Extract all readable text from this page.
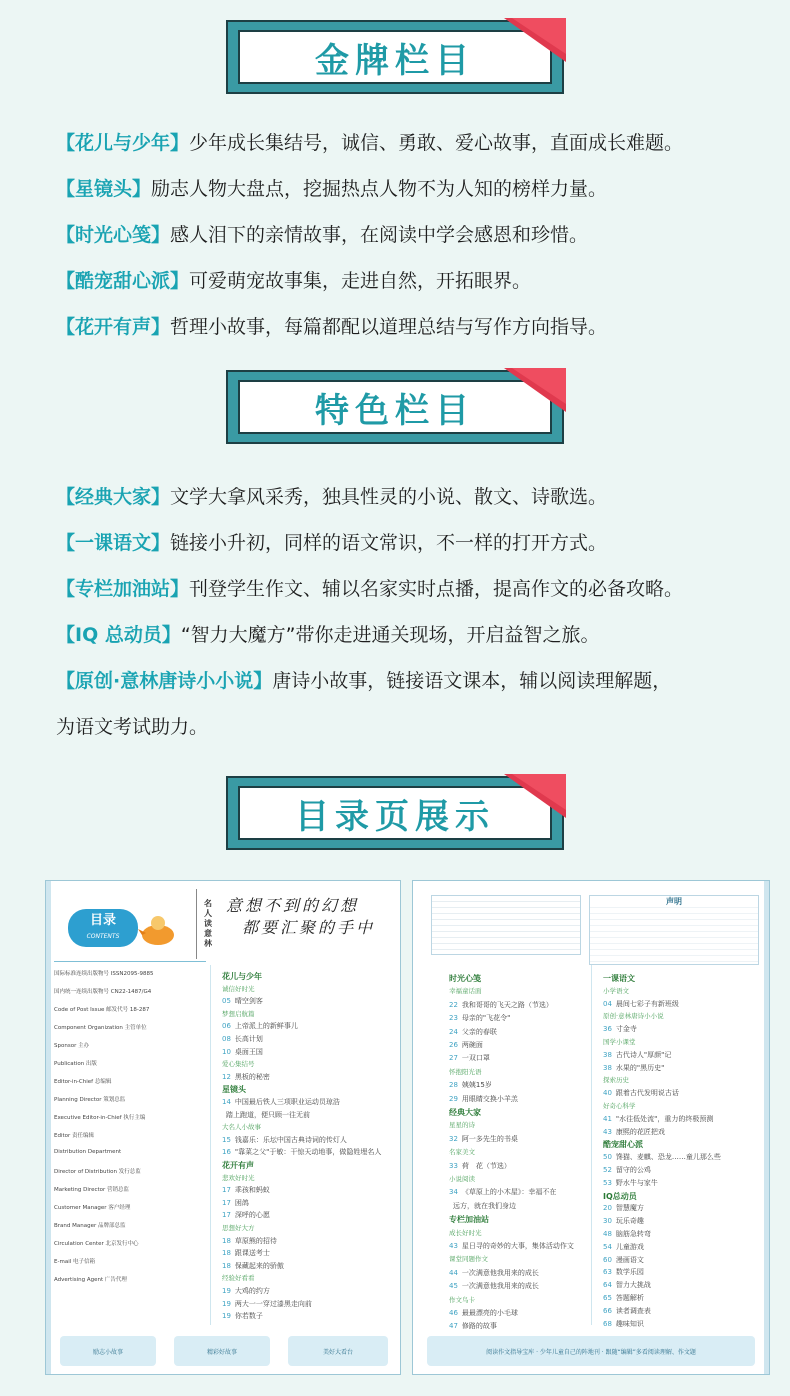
金牌栏目
【花儿与少年】少年成长集结号，诚信、勇敢、爱心故事，直面成长难题。
【星镜头】励志人物大盘点，挖掘热点人物不为人知的榜样力量。
【时光心笺】感人泪下的亲情故事，在阅读中学会感恩和珍惜。
【酷宠甜心派】可爱萌宠故事集，走进自然，开拓眼界。
【花开有声】哲理小故事，每篇都配以道理总结与写作方向指导。
特色栏目
【经典大家】文学大拿风采秀，独具性灵的小说、散文、诗歌选。
【一课语文】链接小升初，同样的语文常识，不一样的打开方式。
【专栏加油站】刊登学生作文、辅以名家实时点播，提高作文的必备攻略。
【IQ 总动员】“智力大魔方”带你走进通关现场，开启益智之旅。
【原创·意林唐诗小小说】唐诗小故事，链接语文课本，辅以阅读理解题，
为语文考试助力。
目录页展示
目录
CONTENTS
名人读意林
意想不到的幻想
都要汇聚的手中
国际标准连续出版物号 ISSN2095-9885
国内统一连续出版物号 CN22-1487/G4
Code of Post Issue 邮发代号 18-287
Component Organization 主管单位
Sponsor 主办
Publication 出版
Editor-in-Chief 总编辑
Planning Director 策划总监
Executive Editor-in-Chief 执行主编
Editor 责任编辑
Distribution Department
Director of Distribution 发行总监
Marketing Director 营销总监
Customer Manager 客户经理
Brand Manager 品牌部总监
Circulation Center 北京发行中心
E-mail 电子信箱
Advertising Agent 广告代理
花儿与少年
诚信好时光
05 晴空剑客
梦想启航篇
06 上帝派上的新鲜事儿
08 长高计划
10 桌面王国
爱心集结号
12 黑板的秘密
星镜头
14 中国最后铁人三项职业运动员琼浩
踏上跑道，便只顾一往无前
大名人小故事
15 钱嘉乐：乐坛中国古典诗词的传灯人
16 "靠菜之父"于敏：干惊天动地事，做隐姓埋名人
花开有声
悲欢好时光
17 乖孩和蚂蚁
17 困鸽
17 深呼的心愿
思想好大方
18 草原熊的招待
18 跟课送考士
18 保藏起来的骄傲
经验好看看
19 大鸡的约方
19 两大一一穿过漆黑走向前
19 你若数子
励志小故事	精彩好故事	美好大看台
声明
时光心笺
幸福童话面
22 我和哥哥的飞天之路（节选）
23 母亲的"飞花令"
24 父亲的春联
26 两碗面
27 一双口罩
怀抱阳光语
28 姨姨15岁
29 用眼睛交换小羊羔
经典大家
星星的诗
32 阿一多先生的书桌
名家美文
33 荷　花（节选）
小说阅读
34 《草原上的小木屋》：幸福不在
远方，就在我们身边
专栏加油站
成长好时光
43 星日寻的奇妙的大事，集体活动作文
课堂同题作文
44 一次满意他我用来的成长
45 一次满意他我用来的成长
作文鸟卡
46 最最漂亮的小毛球
47 修路的故事
一课语文
小学语文
04 晨间七彩子有新班级
原创·意林唐诗小小说
36 寸金寺
国学小课堂
38 古代诗人"厚颜"记
38 水果的"黑历史"
探索历史
40 跟着古代发明说古话
好奇心科学
41 "水往低处流"，重力的终极预测
43 康熙的花匠把戏
酷宠甜心派
50 馋猫、麦麒、恐龙……童儿那么些
52 留守的公鸡
53 野水牛与家牛
IQ总动员
20 智慧魔方
30 玩乐奇趣
48 脑筋急转弯
54 儿童游戏
60 漫画语文
63 数学乐园
64 智力大挑战
65 答题解析
66 读者调查表
68 趣味知识
阅读作文指导宝库 · 少年儿童自己的阵地刊 · 跟随“编辑”多看阅读理解、作文题
